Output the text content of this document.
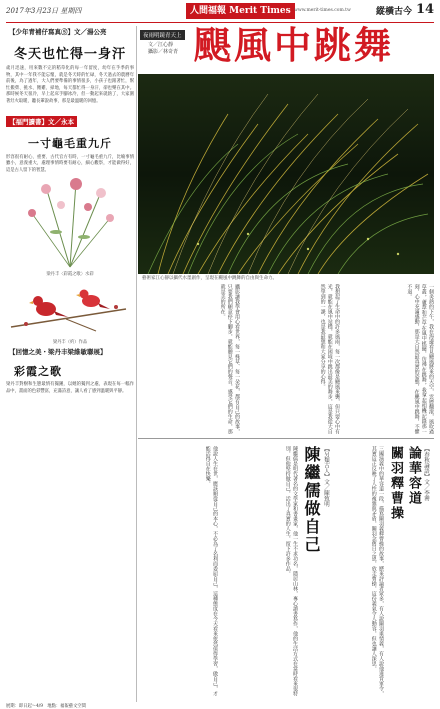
2017年3月23日 星期四	人間福報 Merit Times www.merit-times.com.tw	縱橫古今 14
【少年青補仔寫真⑤】文／湯公亮
冬天也忙得一身汗

歲月迅速，用來數不完的稻草化的每一年留度，幼年在乎季的事物，其中一年我不能忘懷，就是冬天時的忙碌，冬天過去的農曆年前後，為了過年，大人們要準備的事情很多，小孩子也跟著忙，幫忙搬柴、挑水、餵雞、掃地，每天都忙得一身汗，卻也樂在其中。那時候冬天很冷，早上起床手腳冰冷，但一動起來就熱了，大家圍著灶火取暖，聽長輩說故事，那是最溫暖的回憶。

【福門讀書】文／永本
一寸龜毛重九斤

形容很有耐心、重要、古代官方有時，一寸龜毛重九斤，比喻事情雖小，意義重大，處理事情時要有耐心，細心觀察，才能做得好，這是古人留下的智慧。

梁丹丰〈彩霞之歌〉水彩
梁丹丰（約）作品
【回憶之美・梁丹丰梁維敏聯展】
彩霞之歌

梁丹丰對樹和生態最情有獨鍾，以她的獨到之處，表現在每一幅作品中，畫面的色彩豐富，充滿詩意，讓人看了感到溫暖與平靜。

展期：即日起～4/9　地點：福報藝文空間
夜雨明鏡青天上
文／江心靜
攝影／林奇青 颶風中跳舞
藝術家江心靜以攝代水墨創作，呈現在颶風中跳舞的自由與生命力。
一個炎熱的下午，我在海邊看見颶風將來的天空，雲層翻滾，風吹過草叢，蘆葦和芒草在風中搖擺，彷彿在跳舞，我拿起相機記錄那一刻，心中充滿感動，那是大自然最真實的姿態，在颶風中跳舞，不懼不退。
我想起了生命中的許多風雨，每一次都像是颶風來襲，但只要心中有光，就能在風中站穩，就能在困境中跳出最美的舞步，這是我從大自然學到的一課，也是我最想和大家分享的心得。
攝影讓我學會用心看世界，每一株草、每一朵花，都有自己的故事，只要我們願意停下腳步，就能聽見它們的聲音，感受它們的生命，那就是美的所在。
【春秋論語】文／李霽
論華容道
關羽釋曹操
三國演義中的華容道一段，描寫關羽義釋曹操的故事，歷來評論者眾多，有人說關羽重情義，有人說他違背軍令，其實這正反映了人性的複雜與矛盾，關羽念舊日之恩，放走曹操，這份義氣令人動容，但也讓人深思。
【另類古人】文／陳致明
陳繼儒做自己
陳繼儒是明代著名的文學家和書畫家，他一生不求功名，隱居山林，專心讀書寫作，他的生活方式在當時看來很特別，但他堅持做自己，活出了真實的人生，留下許多作品。
他說人生在世，應該順從自己的本心，不必為了名利而委屈自己，這種態度在今天看來依然值得學習，做自己，才能活得自在快樂。
